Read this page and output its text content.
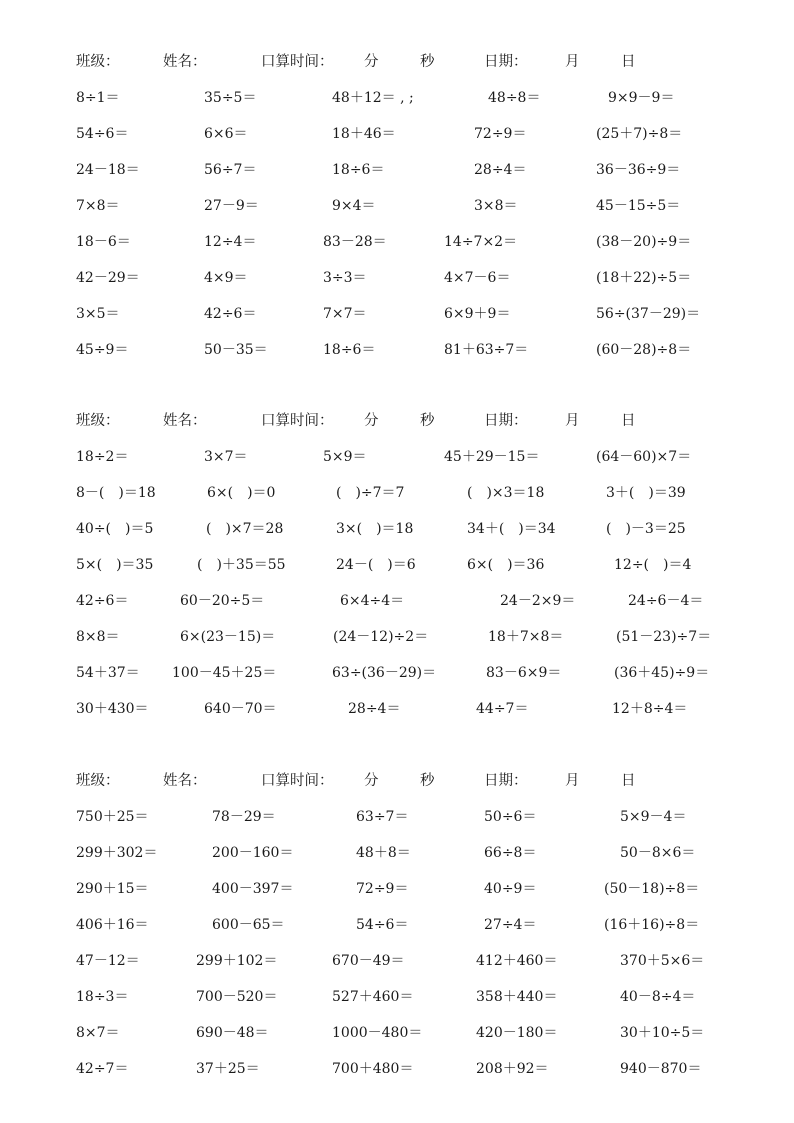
班级：	姓名：	口算时间： 分	秒	日期：	月	日
8÷1＝	35÷5＝	48＋12＝ , ;	48÷8＝	9×9－9＝
54÷6＝	6×6＝	18＋46＝	72÷9＝	(25＋7)÷8＝
24－18＝	56÷7＝	18÷6＝	28÷4＝	36－36÷9＝
7×8＝	27－9＝	9×4＝	3×8＝	45－15÷5＝
18－6＝	12÷4＝	83－28＝	14÷7×2＝	(38－20)÷9＝
42－29＝	4×9＝	3÷3＝	4×7－6＝	(18＋22)÷5＝
3×5＝	42÷6＝	7×7＝	6×9＋9＝	56÷(37－29)＝
45÷9＝	50－35＝	18÷6＝	81＋63÷7＝	(60－28)÷8＝
班级：	姓名：	口算时间： 分	秒	日期：	月	日
18÷2＝	3×7＝	5×9＝	45＋29－15＝	(64－60)×7＝
8－(　)＝18	6×(　)＝0	(　)÷7＝7	(　)×3＝18	3＋(　)＝39
40÷(　)＝5	(　)×7＝28	3×(　)＝18	34＋(　)＝34	(　)－3＝25
5×(　)＝35	(　)＋35＝55	24－(　)＝6	6×(　)＝36	12÷(　)＝4
42÷6＝	60－20÷5＝	6×4÷4＝	24－2×9＝	24÷6－4＝
8×8＝	6×(23－15)＝	(24－12)÷2＝	18＋7×8＝	(51－23)÷7＝
54＋37＝ 100－45＋25＝	63÷(36－29)＝	83－6×9＝	(36＋45)÷9＝
30＋430＝	640－70＝	28÷4＝	44÷7＝	12＋8÷4＝
班级：	姓名：	口算时间： 分	秒	日期：	月	日
750＋25＝	78－29＝	63÷7＝	50÷6＝	5×9－4＝
299＋302＝	200－160＝	48＋8＝	66÷8＝	50－8×6＝
290＋15＝	400－397＝	72÷9＝	40÷9＝	(50－18)÷8＝
406＋16＝	600－65＝	54÷6＝	27÷4＝	(16＋16)÷8＝
47－12＝	299＋102＝	670－49＝	412＋460＝	370＋5×6＝
18÷3＝	700－520＝	527＋460＝	358＋440＝	40－8÷4＝
8×7＝	690－48＝	1000－480＝	420－180＝	30＋10÷5＝
42÷7＝	37＋25＝	700＋480＝	208＋92＝	940－870＝
